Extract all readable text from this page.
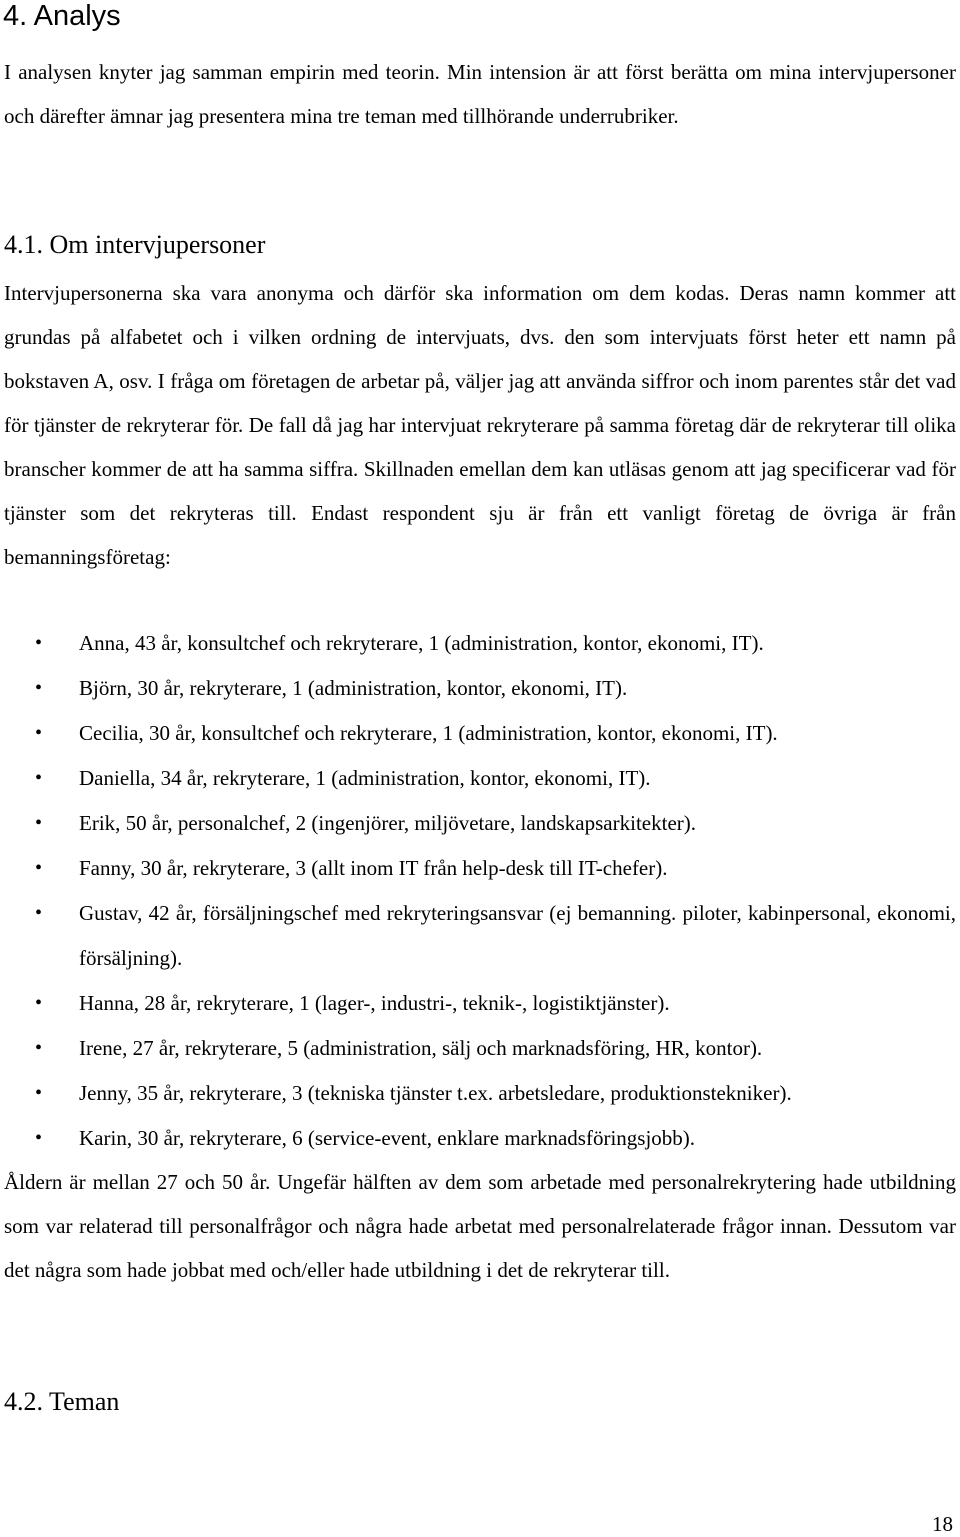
4. Analys

I analysen knyter jag samman empirin med teorin. Min intension är att först berätta om mina intervjupersoner och därefter ämnar jag presentera mina tre teman med tillhörande underrubriker.

4.1. Om intervjupersoner

Intervjupersonerna ska vara anonyma och därför ska information om dem kodas. Deras namn kommer att grundas på alfabetet och i vilken ordning de intervjuats, dvs. den som intervjuats först heter ett namn på bokstaven A, osv. I fråga om företagen de arbetar på, väljer jag att använda siffror och inom parentes står det vad för tjänster de rekryterar för. De fall då jag har intervjuat rekryterare på samma företag där de rekryterar till olika branscher kommer de att ha samma siffra. Skillnaden emellan dem kan utläsas genom att jag specificerar vad för tjänster som det rekryteras till. Endast respondent sju är från ett vanligt företag de övriga är från bemanningsföretag:

• Anna, 43 år, konsultchef och rekryterare, 1 (administration, kontor, ekonomi, IT).
• Björn, 30 år, rekryterare, 1 (administration, kontor, ekonomi, IT).
• Cecilia, 30 år, konsultchef och rekryterare, 1 (administration, kontor, ekonomi, IT).
• Daniella, 34 år, rekryterare, 1 (administration, kontor, ekonomi, IT).
• Erik, 50 år, personalchef, 2 (ingenjörer, miljövetare, landskapsarkitekter).
• Fanny, 30 år, rekryterare, 3 (allt inom IT från help-desk till IT-chefer).
• Gustav, 42 år, försäljningschef med rekryteringsansvar (ej bemanning. piloter, kabinpersonal, ekonomi, försäljning).
• Hanna, 28 år, rekryterare, 1 (lager-, industri-, teknik-, logistiktjänster).
• Irene, 27 år, rekryterare, 5 (administration, sälj och marknadsföring, HR, kontor).
• Jenny, 35 år, rekryterare, 3 (tekniska tjänster t.ex. arbetsledare, produktionstekniker).
• Karin, 30 år, rekryterare, 6 (service-event, enklare marknadsföringsjobb).

Åldern är mellan 27 och 50 år. Ungefär hälften av dem som arbetade med personalrekrytering hade utbildning som var relaterad till personalfrågor och några hade arbetat med personalrelaterade frågor innan. Dessutom var det några som hade jobbat med och/eller hade utbildning i det de rekryterar till.

4.2. Teman
18
